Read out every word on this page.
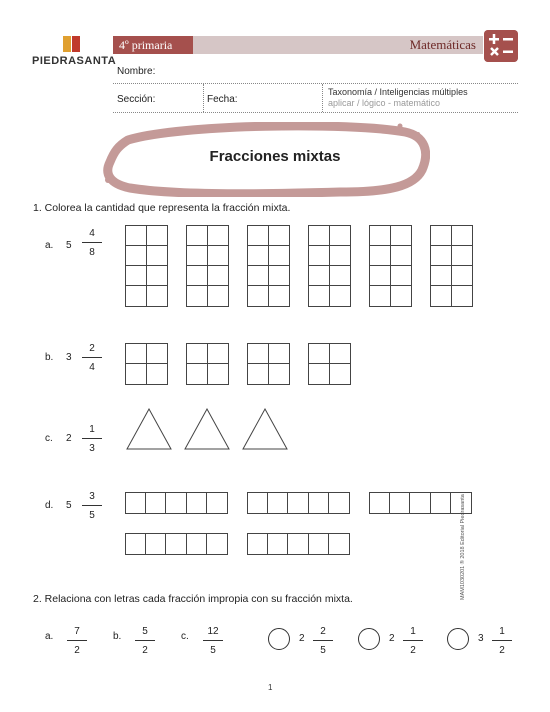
PIEDRASANTA
4º primaria	Matemáticas
Nombre:
Sección:	Fecha:
Taxonomía / Inteligencias múltiples
aplicar / lógico - matemático
Fracciones mixtas
1. Colorea la cantidad que representa la fracción mixta.
a. 5
4
8
b. 3
2
4
c. 2
1
3
d. 5
3
5
2. Relaciona con letras cada fracción impropia con su fracción mixta.
a.	7
2
b.	5
2
c.	12
5
2
2
5
2
1
2
3
1
2
1
MAM1030201 ® 2018 Editorial Piedrasanta
